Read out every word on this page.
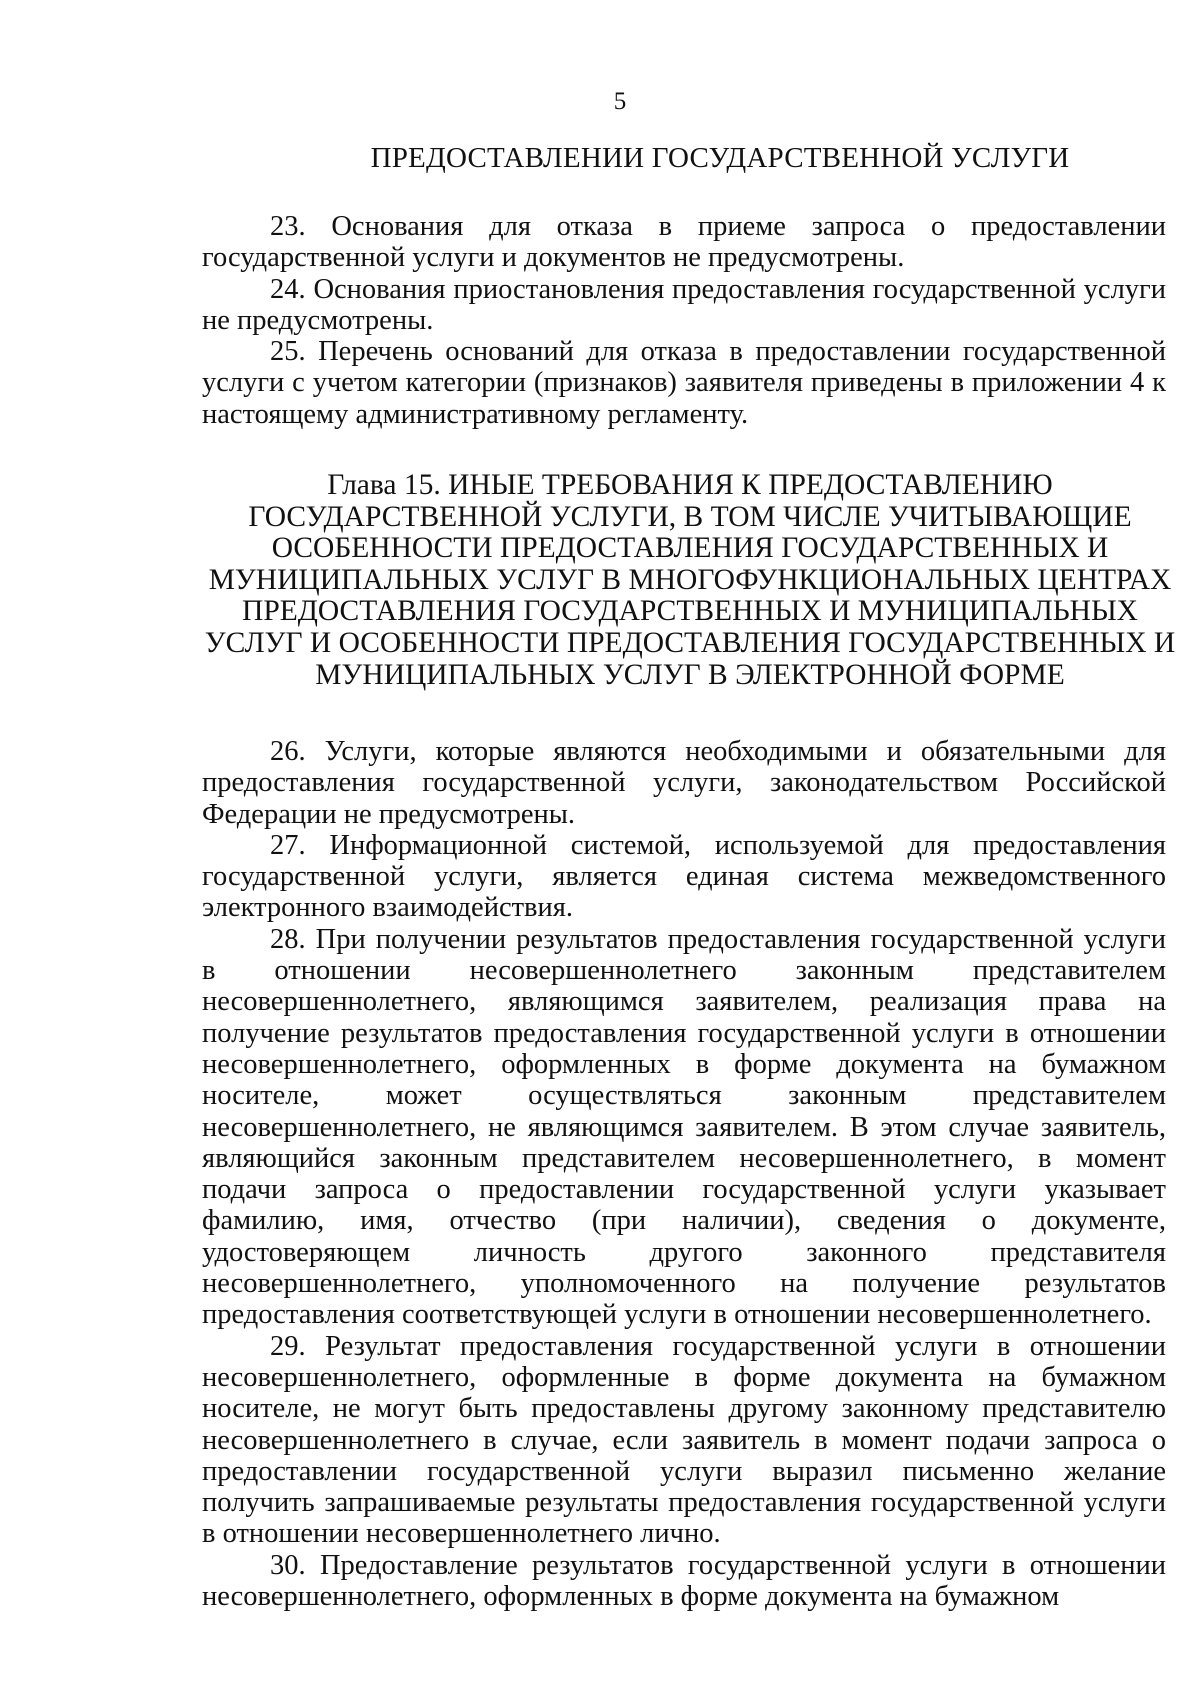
5
ПРЕДОСТАВЛЕНИИ ГОСУДАРСТВЕННОЙ УСЛУГИ

23. Основания для отказа в приеме запроса о предоставлении государственной услуги и документов не предусмотрены.

24. Основания приостановления предоставления государственной услуги не предусмотрены.

25. Перечень оснований для отказа в предоставлении государственной услуги с учетом категории (признаков) заявителя приведены в приложении 4 к настоящему административному регламенту.

Глава 15. ИНЫЕ ТРЕБОВАНИЯ К ПРЕДОСТАВЛЕНИЮ
ГОСУДАРСТВЕННОЙ УСЛУГИ, В ТОМ ЧИСЛЕ УЧИТЫВАЮЩИЕ
ОСОБЕННОСТИ ПРЕДОСТАВЛЕНИЯ ГОСУДАРСТВЕННЫХ И
МУНИЦИПАЛЬНЫХ УСЛУГ В МНОГОФУНКЦИОНАЛЬНЫХ ЦЕНТРАХ
ПРЕДОСТАВЛЕНИЯ ГОСУДАРСТВЕННЫХ И МУНИЦИПАЛЬНЫХ
УСЛУГ И ОСОБЕННОСТИ ПРЕДОСТАВЛЕНИЯ ГОСУДАРСТВЕННЫХ И
МУНИЦИПАЛЬНЫХ УСЛУГ В ЭЛЕКТРОННОЙ ФОРМЕ

26. Услуги, которые являются необходимыми и обязательными для предоставления государственной услуги, законодательством Российской Федерации не предусмотрены.

27. Информационной системой, используемой для предоставления государственной услуги, является единая система межведомственного электронного взаимодействия.

28. При получении результатов предоставления государственной услуги в отношении несовершеннолетнего законным представителем несовершеннолетнего, являющимся заявителем, реализация права на получение результатов предоставления государственной услуги в отношении несовершеннолетнего, оформленных в форме документа на бумажном носителе, может осуществляться законным представителем несовершеннолетнего, не являющимся заявителем. В этом случае заявитель, являющийся законным представителем несовершеннолетнего, в момент подачи запроса о предоставлении государственной услуги указывает фамилию, имя, отчество (при наличии), сведения о документе, удостоверяющем личность другого законного представителя несовершеннолетнего, уполномоченного на получение результатов предоставления соответствующей услуги в отношении несовершеннолетнего.

29. Результат предоставления государственной услуги в отношении несовершеннолетнего, оформленные в форме документа на бумажном носителе, не могут быть предоставлены другому законному представителю несовершеннолетнего в случае, если заявитель в момент подачи запроса о предоставлении государственной услуги выразил письменно желание получить запрашиваемые результаты предоставления государственной услуги в отношении несовершеннолетнего лично.

30. Предоставление результатов государственной услуги в отношении несовершеннолетнего, оформленных в форме документа на бумажном
